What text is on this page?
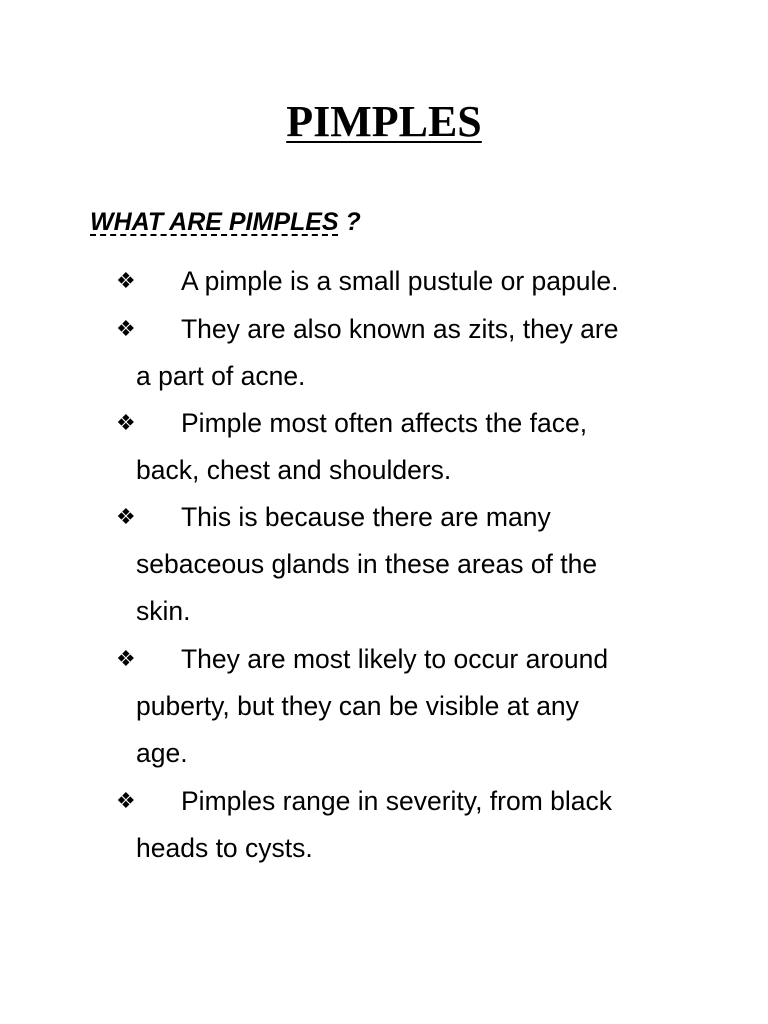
PIMPLES
WHAT ARE PIMPLES ?
❖	A pimple is a small pustule or papule.
❖	They are also known as zits, they are
a part of acne.
❖	Pimple most often affects the face,
back, chest and shoulders.
❖	This is because there are many
sebaceous glands in these areas of the
skin.
❖	They are most likely to occur around
puberty, but they can be visible at any
age.
❖	Pimples range in severity, from black
heads to cysts.
